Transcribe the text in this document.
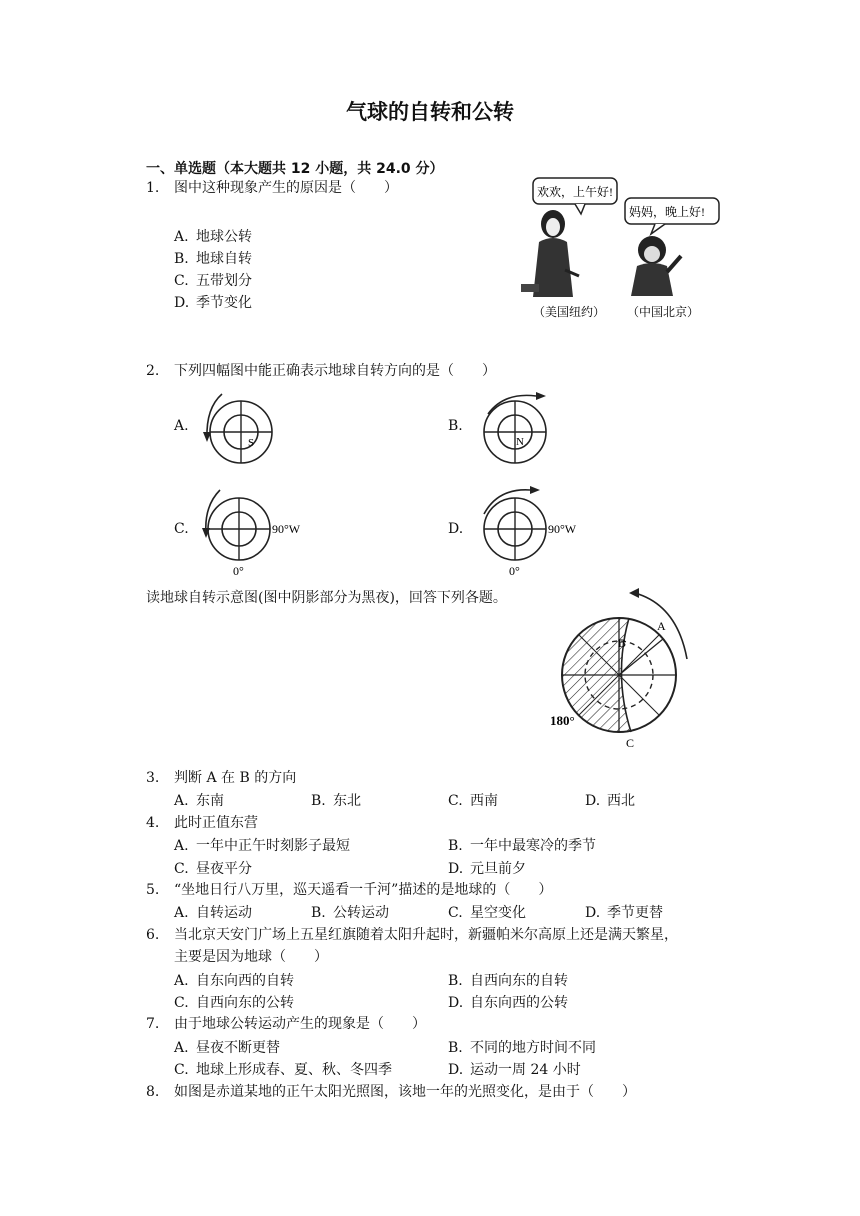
气球的自转和公转
一、单选题（本大题共 12 小题，共 24.0 分）
1. 图中这种现象产生的原因是（　　）
A. 地球公转
B. 地球自转
C. 五带划分
D. 季节变化
欢欢，上午好!
妈妈，晚上好!
（美国纽约） （中国北京）
2. 下列四幅图中能正确表示地球自转方向的是（　　）
A.
S
B.
N
C.	90°W
0°
D.	90°W
0°
读地球自转示意图(图中阴影部分为黑夜)，回答下列各题。
A
B
C
180°
3. 判断 A 在 B 的方向
A. 东南	B. 东北	C. 西南	D. 西北
4. 此时正值东营
A. 一年中正午时刻影子最短	B. 一年中最寒冷的季节
C. 昼夜平分	D. 元旦前夕
5. “坐地日行八万里，巡天遥看一千河”描述的是地球的（　　）
A. 自转运动	B. 公转运动	C. 星空变化	D. 季节更替
6. 当北京天安门广场上五星红旗随着太阳升起时，新疆帕米尔高原上还是满天繁星，
主要是因为地球（　　）
A. 自东向西的自转	B. 自西向东的自转
C. 自西向东的公转	D. 自东向西的公转
7. 由于地球公转运动产生的现象是（　　）
A. 昼夜不断更替	B. 不同的地方时间不同
C. 地球上形成春、夏、秋、冬四季	D. 运动一周 24 小时
8. 如图是赤道某地的正午太阳光照图，该地一年的光照变化，是由于（　　）
